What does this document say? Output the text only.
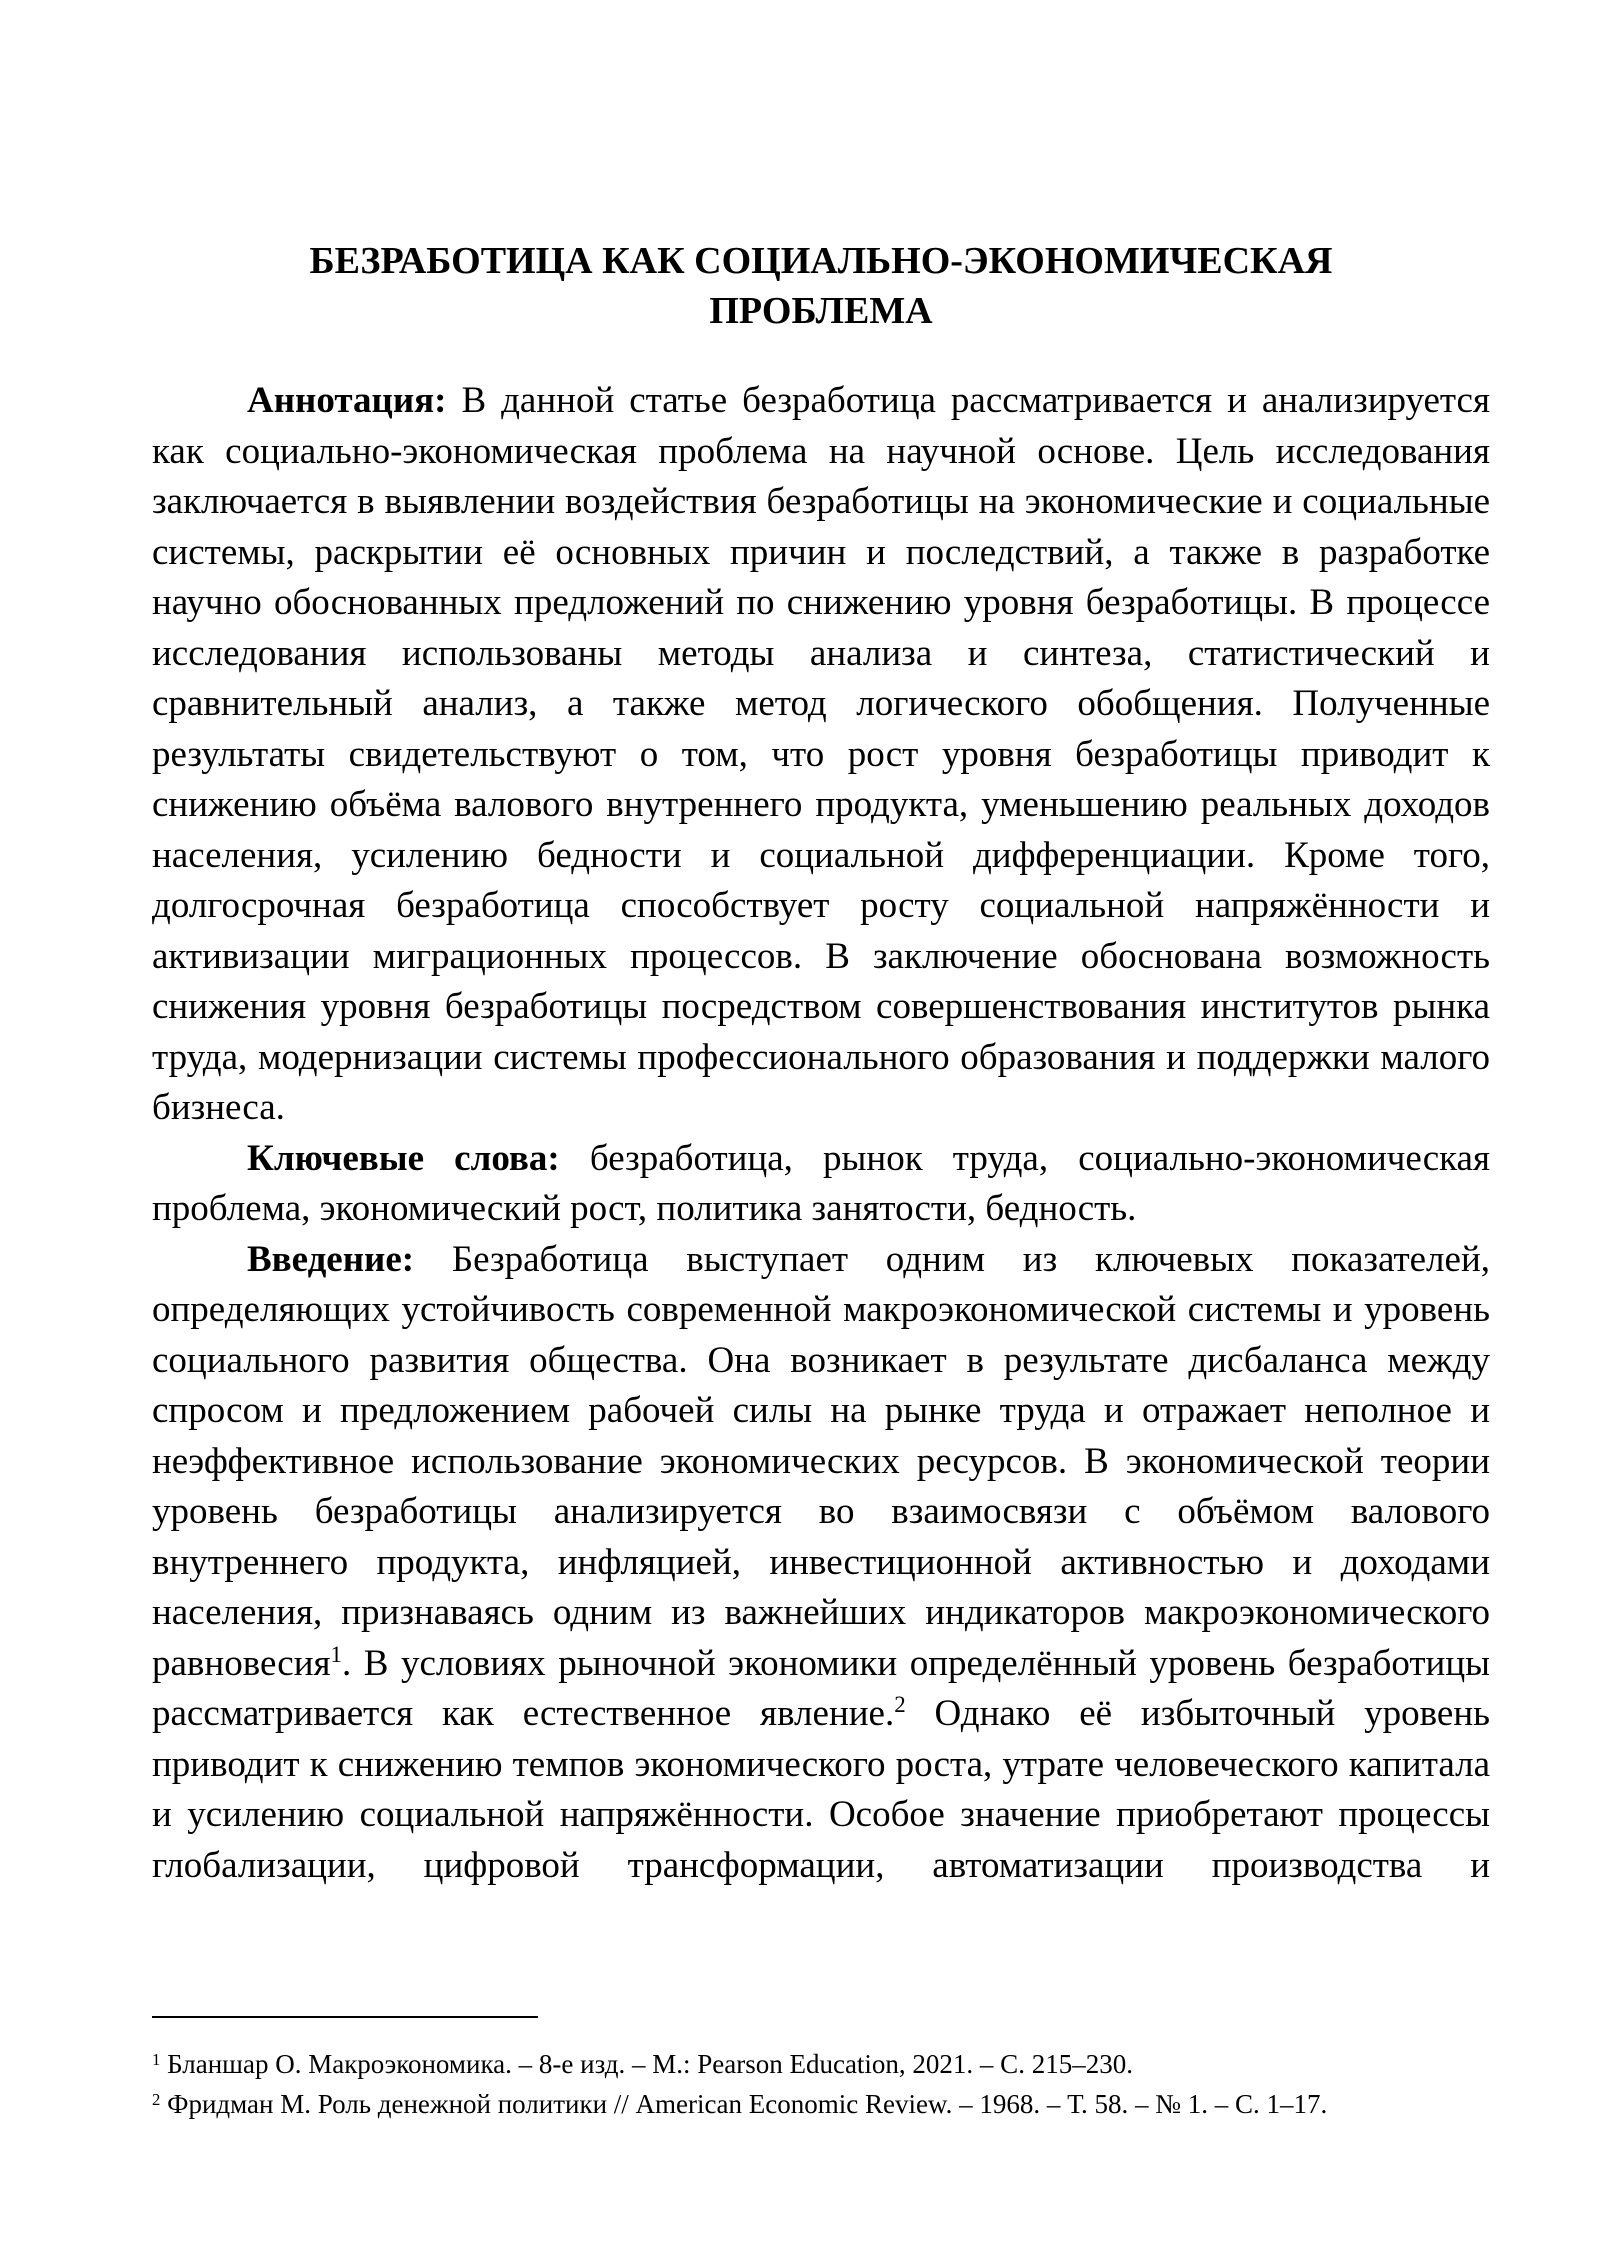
БЕЗРАБОТИЦА КАК СОЦИАЛЬНО-ЭКОНОМИЧЕСКАЯ
ПРОБЛЕМА

Аннотация: В данной статье безработица рассматривается и анализируется как социально-экономическая проблема на научной основе. Цель исследования заключается в выявлении воздействия безработицы на экономические и социальные системы, раскрытии её основных причин и последствий, а также в разработке научно обоснованных предложений по снижению уровня безработицы. В процессе исследования использованы методы анализа и синтеза, статистический и сравнительный анализ, а также метод логического обобщения. Полученные результаты свидетельствуют о том, что рост уровня безработицы приводит к снижению объёма валового внутреннего продукта, уменьшению реальных доходов населения, усилению бедности и социальной дифференциации. Кроме того, долгосрочная безработица способствует росту социальной напряжённости и активизации миграционных процессов. В заключение обоснована возможность снижения уровня безработицы посредством совершенствования институтов рынка труда, модернизации системы профессионального образования и поддержки малого бизнеса.

Ключевые слова: безработица, рынок труда, социально-экономическая проблема, экономический рост, политика занятости, бедность.

Введение: Безработица выступает одним из ключевых показателей, определяющих устойчивость современной макроэкономической системы и уровень социального развития общества. Она возникает в результате дисбаланса между спросом и предложением рабочей силы на рынке труда и отражает неполное и неэффективное использование экономических ресурсов. В экономической теории уровень безработицы анализируется во взаимосвязи с объёмом валового внутреннего продукта, инфляцией, инвестиционной активностью и доходами населения, признаваясь одним из важнейших индикаторов макроэкономического равновесия$^1$. В условиях рыночной экономики определённый уровень безработицы рассматривается как естественное явление.$^2$ Однако её избыточный уровень приводит к снижению темпов экономического роста, утрате человеческого капитала и усилению социальной напряжённости. Особое значение приобретают процессы глобализации, цифровой трансформации, автоматизации производства и

$^1$ Бланшар О. Макроэкономика. – 8-е изд. – М.: Pearson Education, 2021. – С. 215–230.

$^2$ Фридман М. Роль денежной политики // American Economic Review. – 1968. – Т. 58. – № 1. – С. 1–17.
